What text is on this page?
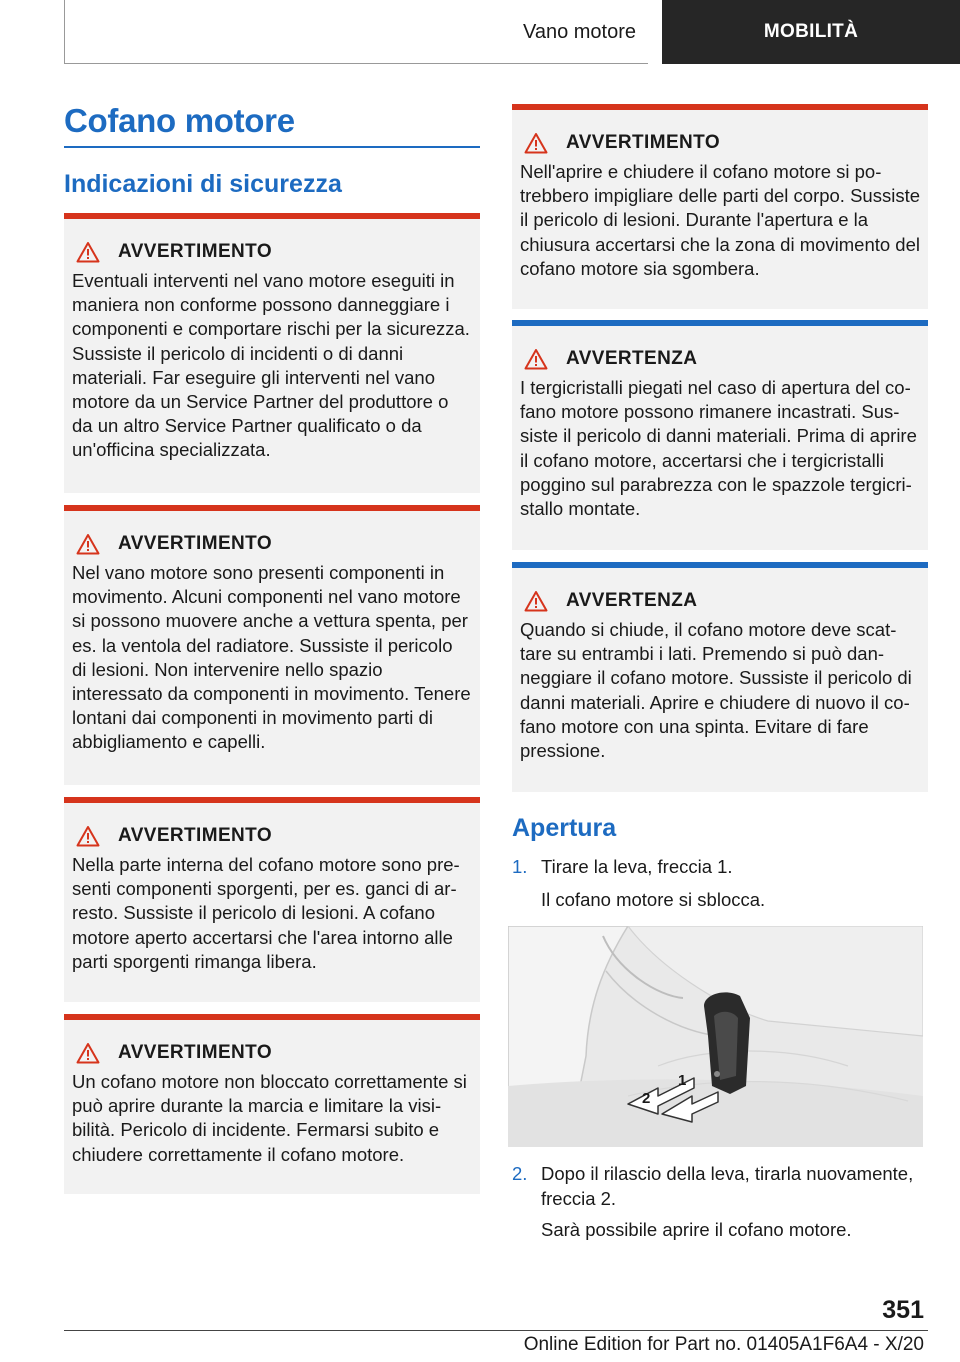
Vano motore	MOBILITÀ
Cofano motore
Indicazioni di sicurezza
AVVERTIMENTO
Eventuali interventi nel vano motore eseguiti in maniera non conforme possono danneggiare i componenti e comportare rischi per la sicurezza. Sussiste il pericolo di incidenti o di danni materiali. Far eseguire gli interventi nel vano motore da un Service Partner del produttore o da un altro Service Partner qualificato o da un'officina specializzata.
AVVERTIMENTO
Nel vano motore sono presenti componenti in movimento. Alcuni componenti nel vano motore si possono muovere anche a vettura spenta, per es. la ventola del radiatore. Sussiste il pericolo di lesioni. Non intervenire nello spazio interessato da componenti in movimento. Tenere lontani dai componenti in movimento parti di abbigliamento e capelli.
AVVERTIMENTO
Nella parte interna del cofano motore sono presenti componenti sporgenti, per es. ganci di arresto. Sussiste il pericolo di lesioni. A cofano motore aperto accertarsi che l'area intorno alle parti sporgenti rimanga libera.
AVVERTIMENTO
Un cofano motore non bloccato correttamente si può aprire durante la marcia e limitare la visibilità. Pericolo di incidente. Fermarsi subito e chiudere correttamente il cofano motore.
AVVERTIMENTO
Nell'aprire e chiudere il cofano motore si potrebbero impigliare delle parti del corpo. Sussiste il pericolo di lesioni. Durante l'apertura e la chiusura accertarsi che la zona di movimento del cofano motore sia sgombera.
AVVERTENZA
I tergicristalli piegati nel caso di apertura del cofano motore possono rimanere incastrati. Sussiste il pericolo di danni materiali. Prima di aprire il cofano motore, accertarsi che i tergicristalli poggino sul parabrezza con le spazzole tergicristallo montate.
AVVERTENZA
Quando si chiude, il cofano motore deve scattare su entrambi i lati. Premendo si può danneggiare il cofano motore. Sussiste il pericolo di danni materiali. Aprire e chiudere di nuovo il cofano motore con una spinta. Evitare di fare pressione.
Apertura
1. Tirare la leva, freccia 1.
Il cofano motore si sblocca.
1
2
2. Dopo il rilascio della leva, tirarla nuovamente, freccia 2.
Sarà possibile aprire il cofano motore.
351
Online Edition for Part no. 01405A1F6A4 - X/20
